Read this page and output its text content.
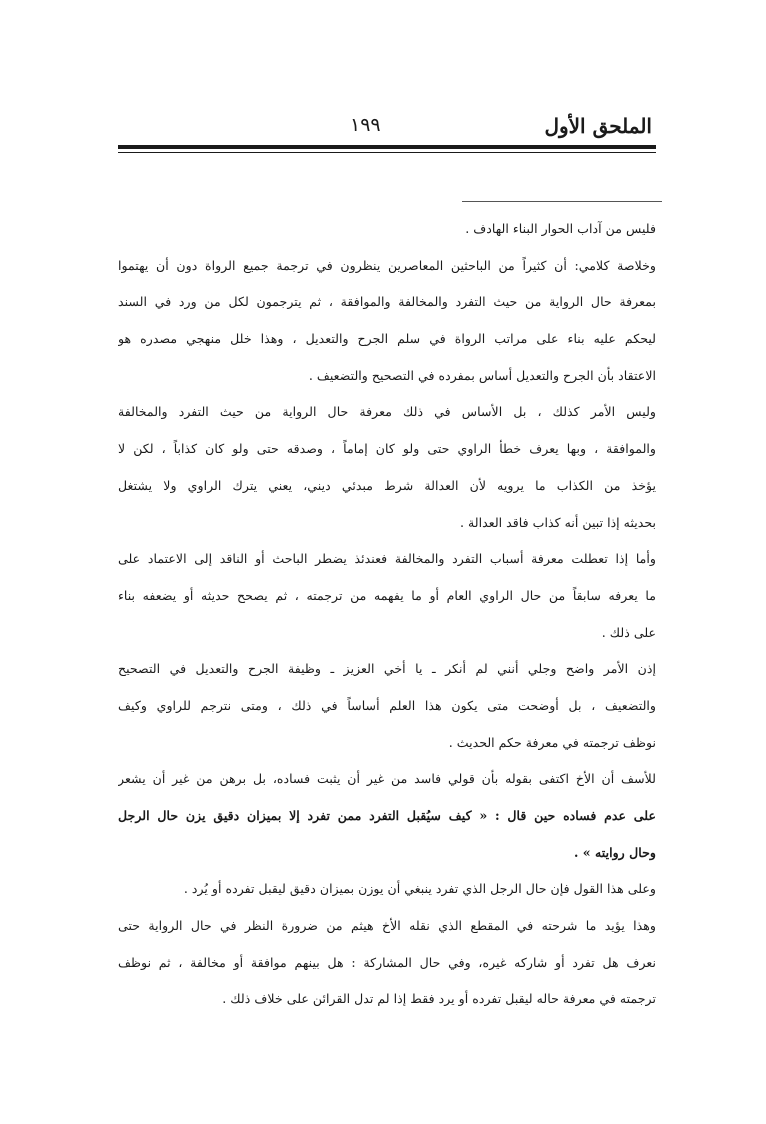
الملحق الأول
١٩٩
فليس من آداب الحوار البناء الهادف .
وخلاصة كلامي: أن كثيراً من الباحثين المعاصرين ينظرون في ترجمة جميع الرواة دون أن يهتموا
بمعرفة حال الرواية من حيث التفرد والمخالفة والموافقة ، ثم يترجمون لكل من ورد في السند
ليحكم عليه بناء على مراتب الرواة في سلم الجرح والتعديل ، وهذا خلل منهجي مصدره هو
الاعتقاد بأن الجرح والتعديل أساس بمفرده في التصحيح والتضعيف .
وليس الأمر كذلك ، بل الأساس في ذلك معرفة حال الرواية من حيث التفرد والمخالفة
والموافقة ، وبها يعرف خطأ الراوي حتى ولو كان إماماً ، وصدقه حتى ولو كان كذاباً ، لكن لا
يؤخذ من الكذاب ما يرويه لأن العدالة شرط مبدئي ديني، يعني يترك الراوي ولا يشتغل
بحديثه إذا تبين أنه كذاب فاقد العدالة .
وأما إذا تعطلت معرفة أسباب التفرد والمخالفة فعندئذ يضطر الباحث أو الناقد إلى الاعتماد على
ما يعرفه سابقاً من حال الراوي العام أو ما يفهمه من ترجمته ، ثم يصحح حديثه أو يضعفه بناء
على ذلك .
إذن الأمر واضح وجلي أنني لم أنكر ـ يا أخي العزيز ـ وظيفة الجرح والتعديل في التصحيح
والتضعيف ، بل أوضحت متى يكون هذا العلم أساساً في ذلك ، ومتى نترجم للراوي وكيف
نوظف ترجمته في معرفة حكم الحديث .
للأسف أن الأخ اكتفى بقوله بأن قولي فاسد من غير أن يثبت فساده، بل برهن من غير أن يشعر
على عدم فساده حين قال : « كيف سيُقبل التفرد ممن تفرد إلا بميزان دقيق يزن حال الرجل
وحال روايته » .
وعلى هذا القول فإن حال الرجل الذي تفرد ينبغي أن يوزن بميزان دقيق ليقبل تفرده أو يُرد .
وهذا يؤيد ما شرحته في المقطع الذي نقله الأخ هيثم من ضرورة النظر في حال الرواية حتى
نعرف هل تفرد أو شاركه غيره، وفي حال المشاركة : هل بينهم موافقة أو مخالفة ، ثم نوظف
ترجمته في معرفة حاله ليقبل تفرده أو يرد فقط إذا لم تدل القرائن على خلاف ذلك .
